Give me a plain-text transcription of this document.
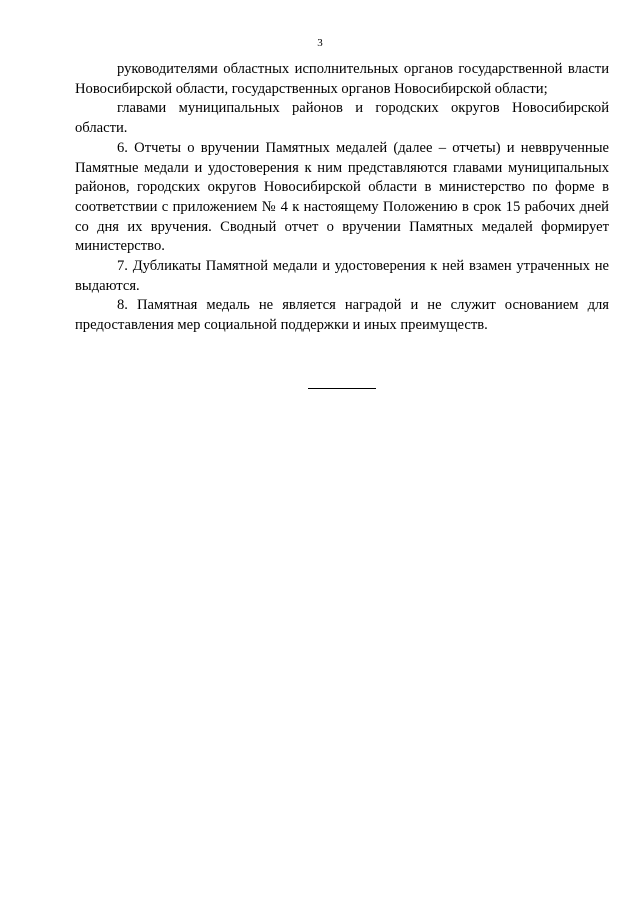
3

руководителями областных исполнительных органов государственной власти Новосибирской области, государственных органов Новосибирской области;

главами муниципальных районов и городских округов Новосибирской области.

6. Отчеты о вручении Памятных медалей (далее – отчеты) и невврученные Памятные медали и удостоверения к ним представляются главами муниципальных районов, городских округов Новосибирской области в министерство по форме в соответствии с приложением № 4 к настоящему Положению в срок 15 рабочих дней со дня их вручения. Сводный отчет о вручении Памятных медалей формирует министерство.

7. Дубликаты Памятной медали и удостоверения к ней взамен утраченных не выдаются.

8. Памятная медаль не является наградой и не служит основанием для предоставления мер социальной поддержки и иных преимуществ.
